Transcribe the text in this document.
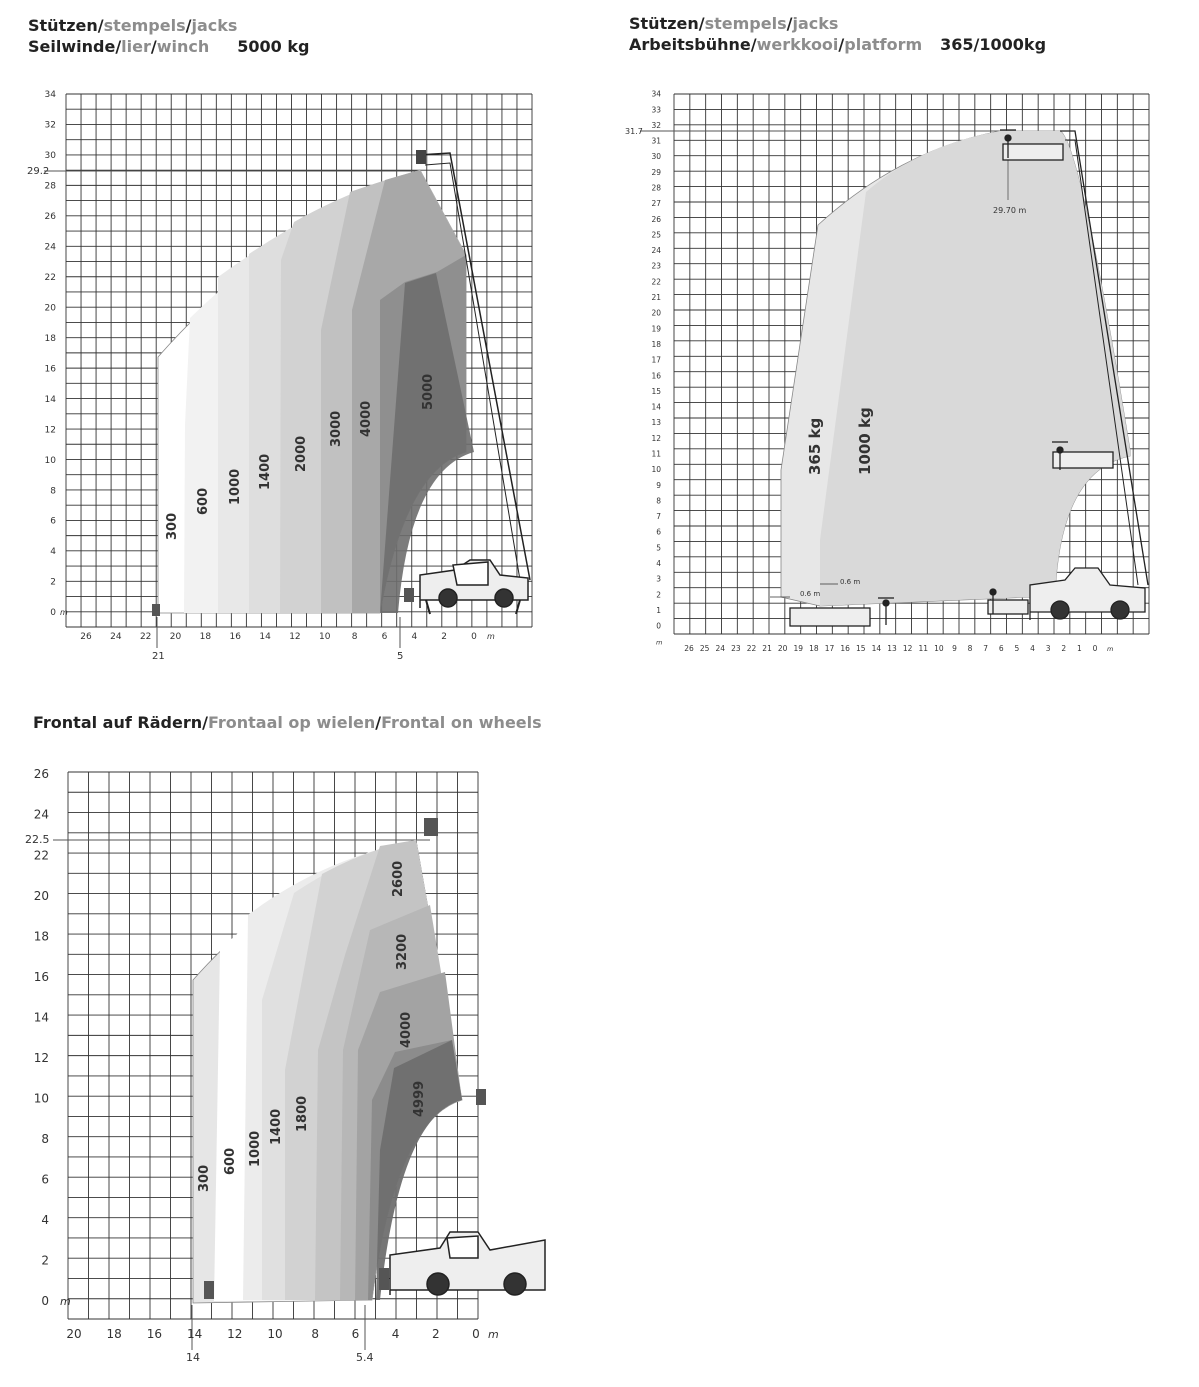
Stützen/stempels/jacks
Seilwinde/lier/winch 5000 kg
Stützen/stempels/jacks
Arbeitsbühne/werkkooi/platform 365/1000kg
Frontal auf Rädern/Frontaal op wielen/Frontal on wheels
29.2
300
600 1000 1400 2000
3000 4000
5000
21	5
0
2
4
6
8
10
12
14
16
18
20
22
24
26
28
30
32
34
26 24 22 20 18 16 14 12 10 8	6	4	2	0
m
m
31.7
365 kg 1000 kg
29.70 m
0.6 m
0.6 m
0
1
2
3
4
5
6
7
8
9
10
11
12
13
14
15
16
17
18
19
20
21
22
23
24
25
26
27
28
29
30
31
32
33
34
26 25 24 23 22 21 20 19 18 17 16 15 14 13 12 11 10 9 8 7 6 5 4 3 2 1 0
m
m
22.5
300
600 1000
1400 1800
2600
3200
4000
4999
14	5.4
0
2
4
6
8
10
12
14
16
18
20
22
24
26
20 18 16 14 12 10 8	6	4	2	0
m
m
